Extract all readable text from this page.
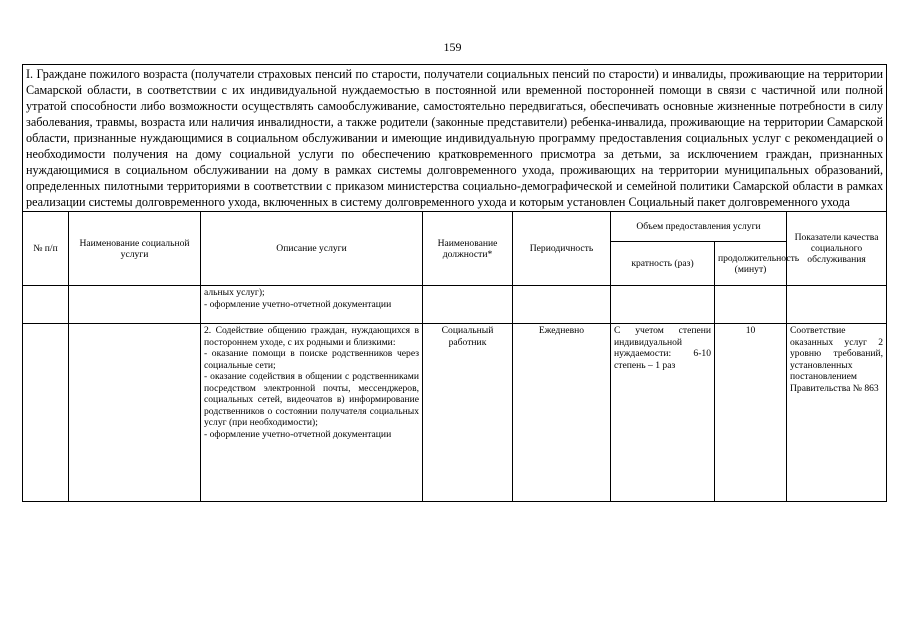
159
I. Граждане пожилого возраста (получатели страховых пенсий по старости, получатели социальных пенсий по старости) и инвалиды, проживающие на территории Самарской области, в соответствии с их индивидуальной нуждаемостью в постоянной или временной посторонней помощи в связи с частичной или полной утратой способности либо возможности осуществлять самообслуживание, самостоятельно передвигаться, обеспечивать основные жизненные потребности в силу заболевания, травмы, возраста или наличия инвалидности, а также родители (законные представители) ребенка-инвалида, проживающие на территории Самарской области, признанные нуждающимися в социальном обслуживании и имеющие индивидуальную программу предоставления социальных услуг с рекомендацией о необходимости получения на дому социальной услуги по обеспечению кратковременного присмотра за детьми, за исключением граждан, признанных нуждающимися в социальном обслуживании на дому в рамках системы долговременного ухода, проживающих на территории муниципальных образований, определенных пилотными территориями в соответствии с приказом министерства социально-демографической и семейной политики Самарской области в рамках реализации системы долговременного ухода, включенных в систему долговременного ухода и которым установлен Социальный пакет долговременного ухода							
№ п/п	Наименование социальной услуги	Описание услуги	Наименование должности*	Периодичность	Объем предоставления услуги		Показатели качества социального обслуживания
					кратность (раз)	продолжительность (минут)	

		альных услуг);
- оформление учетно-отчетной документации					

		2. Содействие общению граждан, нуждающихся в постороннем уходе, с их родными и близкими:
- оказание помощи в поиске родственников через социальные сети;
- оказание содействия в общении с родственниками посредством электронной почты, мессенджеров, социальных сетей, видеочатов в) информирование родственников о состоянии получателя социальных услуг (при необходимости);
- оформление учетно-отчетной документации	Социальный работник	Ежедневно	С учетом степени индивидуальной нуждаемости: 6-10 степень – 1 раз	10	Соответствие оказанных услуг 2 уровню требований, установленных постановлением Правительства № 863
